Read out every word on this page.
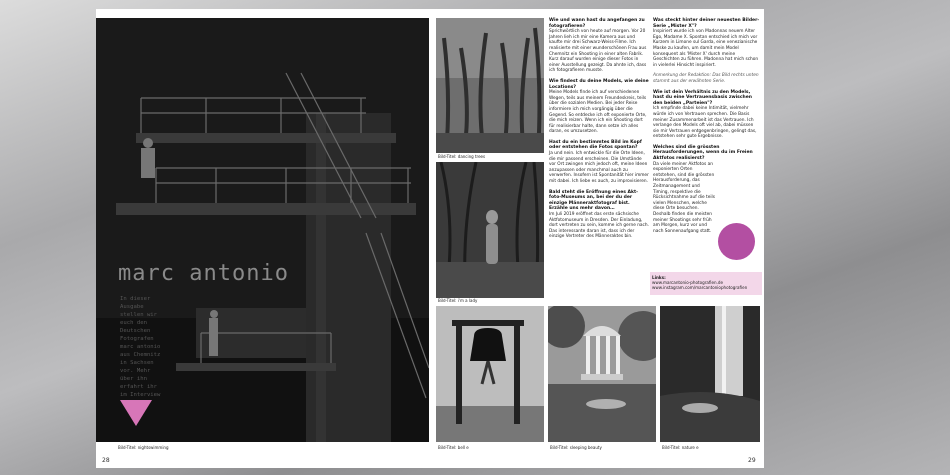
marc antonio
In dieser
Ausgabe
stellen wir
euch den
Deutschen
Fotografen
marc antonio
aus Chemnitz
in Sachsen
vor. Mehr
über ihn
erfahrt ihr
im Interview
Bild-Titel: nightswimming
28
Bild-Titel: dancing trees
Bild-Titel: i'm a lady
Bild-Titel: bell e	Bild-Titel: sleeping beauty	Bild-Titel: nature e
Wie und wann hast du angefangen zu fotografieren?

Sprichwörtlich von heute auf morgen. Vor 20 Jahren lieh ich mir eine Kamera aus und kaufte mir drei Schwarz-Weiss-Filme. Ich realisierte mit einer wunderschönen Frau aus Chemnitz ein Shooting in einer alten Fabrik. Kurz darauf wurden einige dieser Fotos in einer Ausstellung gezeigt. Da ahnte ich, dass ich fotografieren musste.

Wie findest du deine Models, wie deine Locations?

Meine Models finde ich auf verschiedenen Wegen, teils aus meinem Freundeskreis, teils über die sozialen Medien. Bei jeder Reise informiere ich mich vorgängig über die Gegend. So entdecke ich oft exponierte Orte, die mich reizen. Wenn ich ein Shooting dort für realisierbar halte, dann setze ich alles daran, es umzusetzen.

Hast du ein bestimmtes Bild im Kopf oder entstehen die Fotos spontan?

Ja und nein. Ich entwickle für die Orte Ideen, die mir passend erscheinen. Die Umstände vor Ort zwingen mich jedoch oft, meine Ideen anzupassen oder manchmal auch zu verwerfen. Insofern ist Spontanität hier immer mit dabei. Ich liebe es auch, zu improvisieren.

Bald steht die Eröffnung eines Akt-foto-Museums an, bei der du der einzige Männeraktfotograf bist. Erzähle uns mehr davon…

Im Juli 2019 eröffnet das erste sächsische Aktfotomuseum in Dresden. Der Einladung, dort vertreten zu sein, komme ich gerne nach. Das interessante daran ist, dass ich der einzige Vertreter des Männeraktes bin.

Was steckt hinter deiner neuesten Bilder-Serie „Mister X"?

Inspiriert wurde ich von Madonnas neuem Alter Ego, Madame X. Spontan entschied ich mich vor Kurzem in Limone sul Garda, eine venezianische Maske zu kaufen, um damit mein Model konsequent als 'Mister X' durch meine Geschichten zu führen. Madonna hat mich schon in vielerlei Hinsicht inspiriert.

Anmerkung der Redaktion: Das Bild rechts unten stammt aus der erwähnten Serie.

Wie ist dein Verhältnis zu den Models, hast du eine Vertrauensbasis zwischen den beiden „Parteien"?

Ich empfinde dabei keine Intimität, vielmehr würde ich von Vertrauen sprechen. Die Basis meiner Zusammenarbeit ist das Vertrauen. Ich verlange den Models oft viel ab, dabei müssen sie mir Vertrauen entgegenbringen, gelingt das, entstehen sehr gute Ergebnisse.

Welches sind die grössten Herausforderungen, wenn du im Freien Aktfotos realisierst?

Da viele meiner Aktfotos an exponierten Orten entstehen, sind die grössten Herausforderung, das Zeitmanagement und Timing, respektive die Rücksichtnahme auf die teils vielen Menschen, welche diese Orte besuchen. Deshalb finden die meisten meiner Shootings sehr früh am Morgen, kurz vor und nach Sonnenaufgang statt.

Links:
www.marcantonio-photografien.de
www.instagram.com/marcantoniophotografien
29
